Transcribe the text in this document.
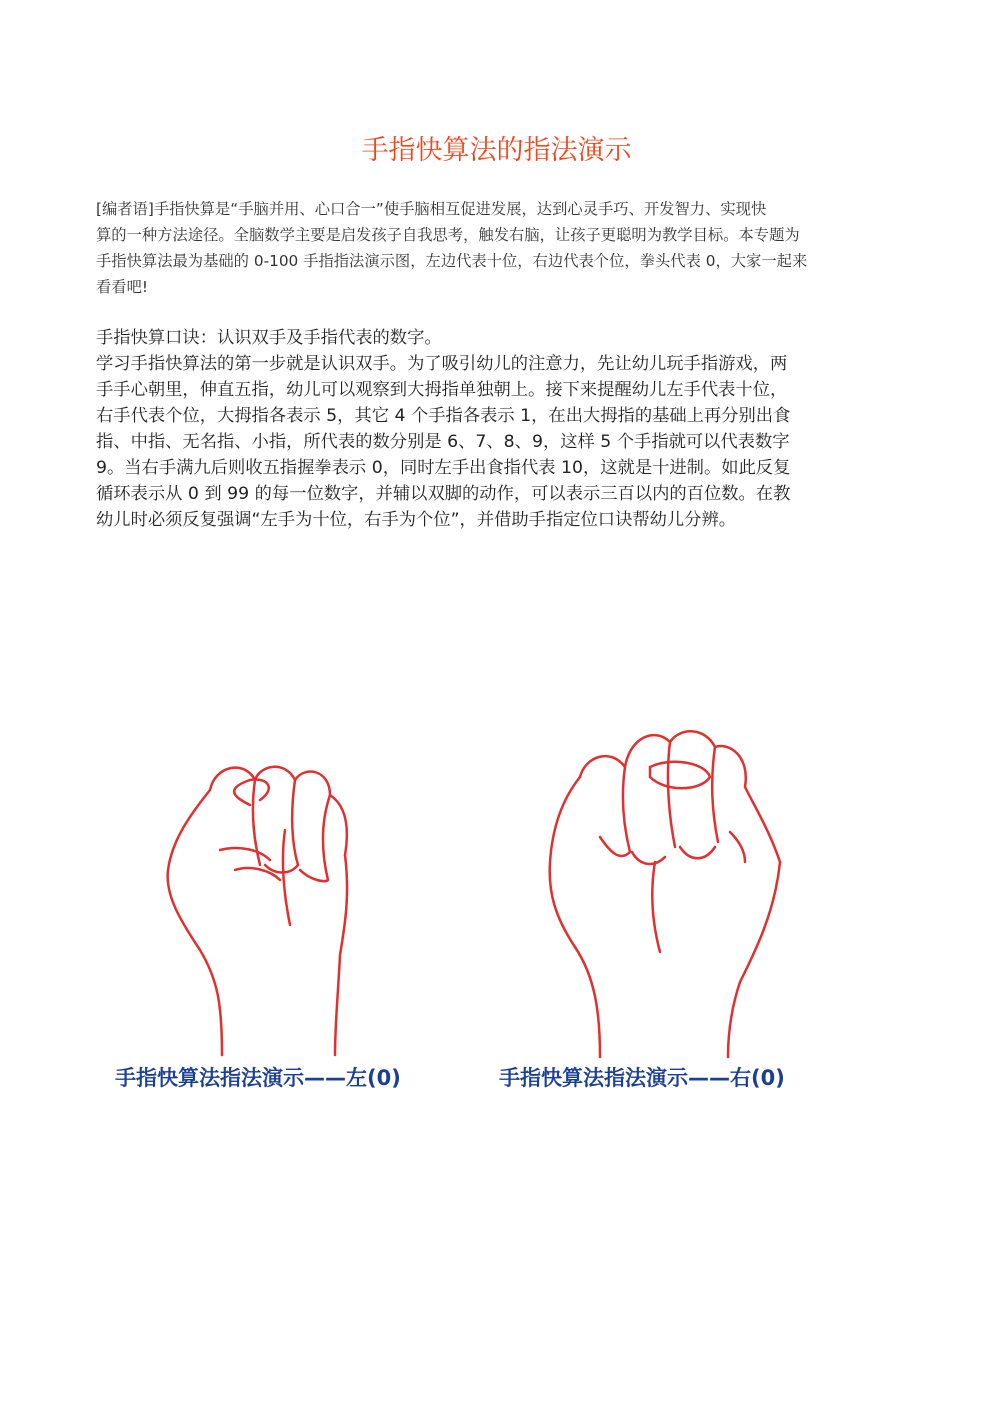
手指快算法的指法演示
[编者语]手指快算是“手脑并用、心口合一”使手脑相互促进发展，达到心灵手巧、开发智力、实现快
算的一种方法途径。全脑数学主要是启发孩子自我思考，触发右脑，让孩子更聪明为教学目标。本专题为
手指快算法最为基础的 0-100 手指指法演示图，左边代表十位，右边代表个位，拳头代表 0，大家一起来
看看吧!
手指快算口诀：认识双手及手指代表的数字。
学习手指快算法的第一步就是认识双手。为了吸引幼儿的注意力，先让幼儿玩手指游戏，两
手手心朝里，伸直五指，幼儿可以观察到大拇指单独朝上。接下来提醒幼儿左手代表十位，
右手代表个位，大拇指各表示 5，其它 4 个手指各表示 1，在出大拇指的基础上再分别出食
指、中指、无名指、小指，所代表的数分别是 6、7、8、9，这样 5 个手指就可以代表数字
9。当右手满九后则收五指握拳表示 0，同时左手出食指代表 10，这就是十进制。如此反复
循环表示从 0 到 99 的每一位数字，并辅以双脚的动作，可以表示三百以内的百位数。在教
幼儿时必须反复强调“左手为十位，右手为个位”，并借助手指定位口诀帮幼儿分辨。
手指快算法指法演示——左(0)	手指快算法指法演示——右(0)
